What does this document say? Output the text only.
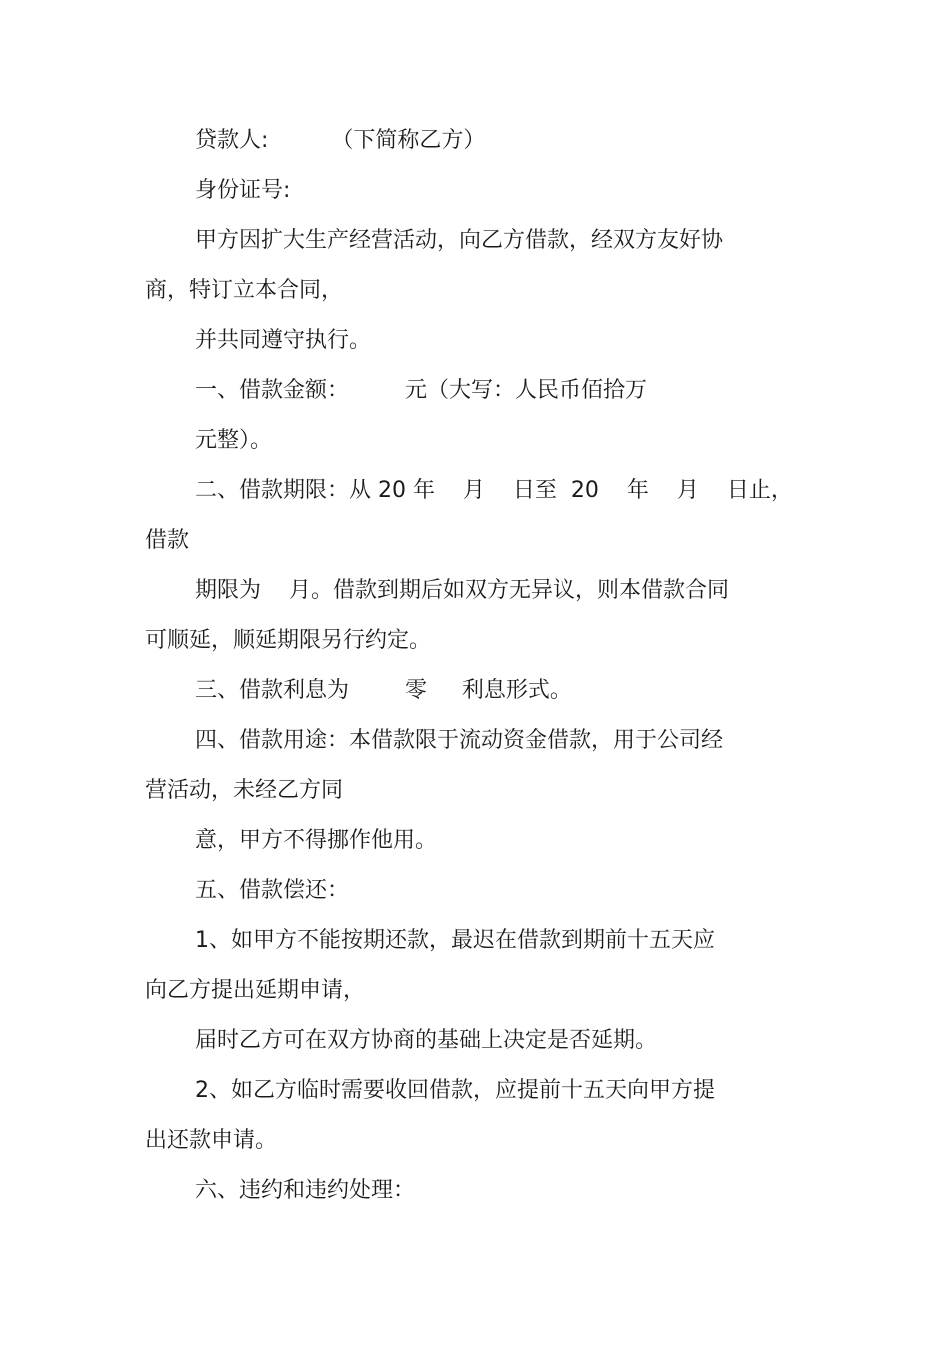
贷款人:         （下简称乙方）
身份证号:
甲方因扩大生产经营活动，向乙方借款，经双方友好协
商，特订立本合同，
并共同遵守执行。
一、借款金额：        元（大写：人民币佰拾万
元整）。
二、借款期限：从 20 年    月    日至  20    年    月    日止，
借款
期限为    月。借款到期后如双方无异议，则本借款合同
可顺延，顺延期限另行约定。
三、借款利息为        零     利息形式。
四、借款用途：本借款限于流动资金借款，用于公司经
营活动，未经乙方同
意，甲方不得挪作他用。
五、借款偿还：
1、如甲方不能按期还款，最迟在借款到期前十五天应
向乙方提出延期申请，
届时乙方可在双方协商的基础上决定是否延期。
2、如乙方临时需要收回借款，应提前十五天向甲方提
出还款申请。
六、违约和违约处理：
